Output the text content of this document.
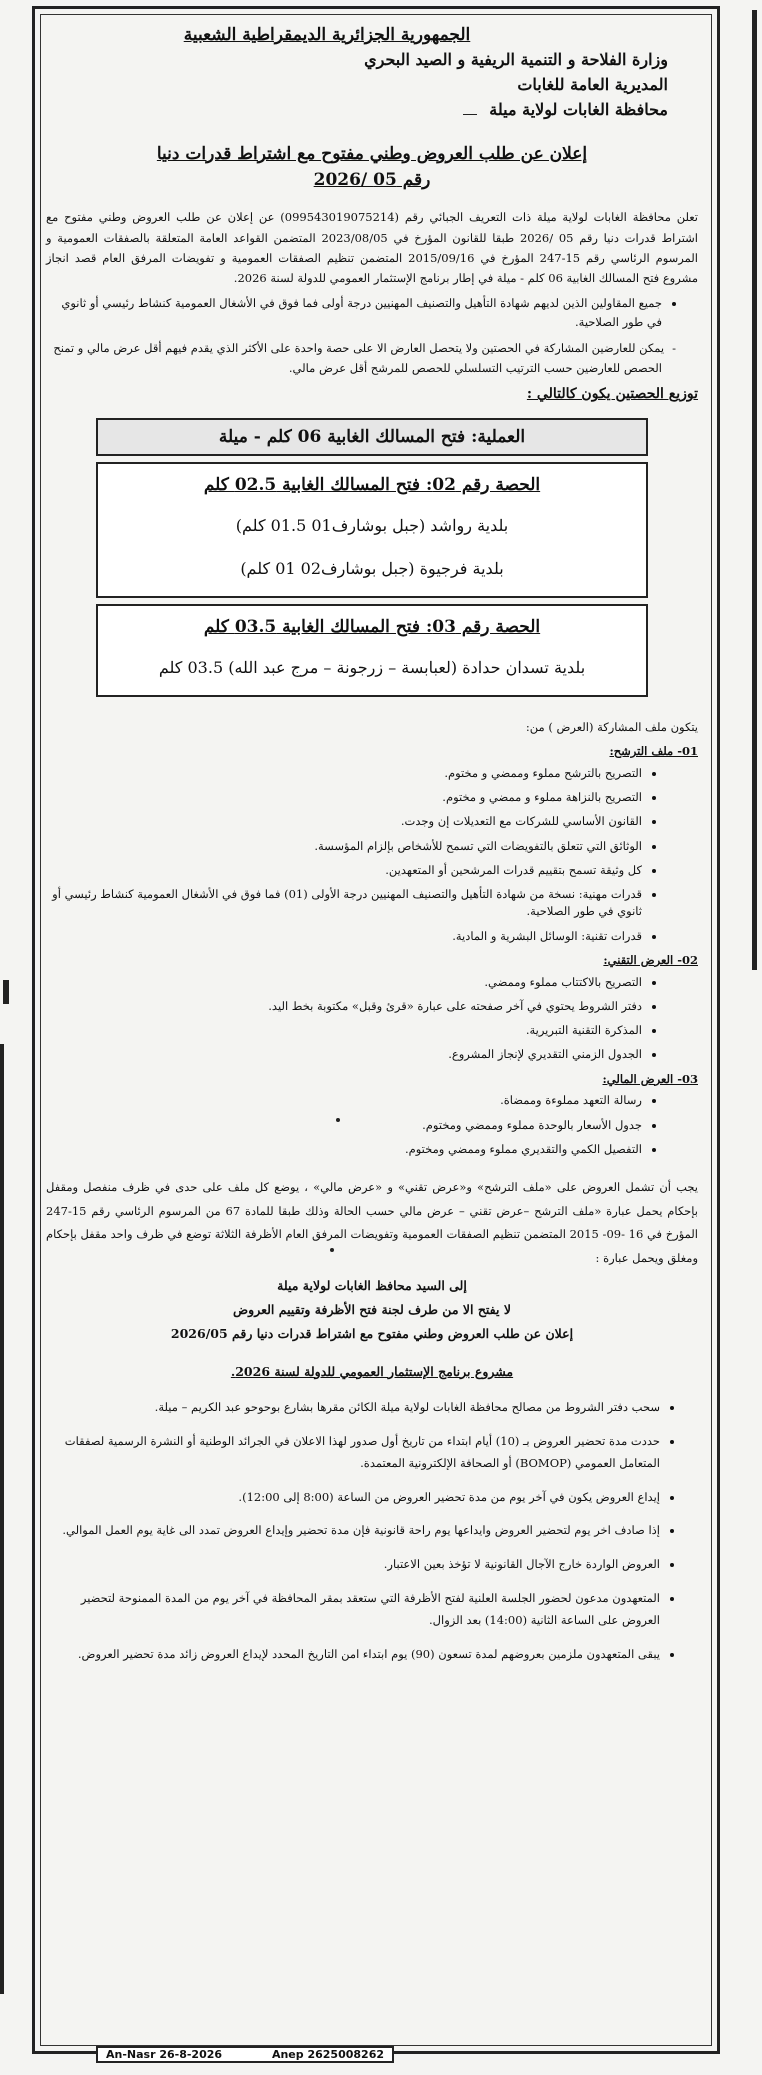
الجمهورية الجزائرية الديمقراطية الشعبية
وزارة الفلاحة و التنمية الريفية و الصيد البحري
المديرية العامة للغابات
محافظة الغابات لولاية ميلة
إعلان عن طلب العروض وطني مفتوح مع اشتراط قدرات دنيا
رقم 05 /2026
تعلن محافظة الغابات لولاية ميلة ذات التعريف الجبائي رقم (099543019075214) عن إعلان عن طلب العروض وطني مفتوح مع اشتراط قدرات دنيا رقم 05 /2026 طبقا للقانون المؤرخ في 2023/08/05 المتضمن القواعد العامة المتعلقة بالصفقات العمومية و المرسوم الرئاسي رقم 15-247 المؤرخ في 2015/09/16 المتضمن تنظيم الصفقات العمومية و تفويضات المرفق العام قصد انجاز مشروع فتح المسالك الغابية 06 كلم - ميلة في إطار برنامج الإستثمار العمومي للدولة لسنة 2026.
• جميع المقاولين الذين لديهم شهادة التأهيل والتصنيف المهنيين درجة أولى فما فوق في الأشغال العمومية كنشاط رئيسي أو ثانوي في طور الصلاحية.
- يمكن للعارضين المشاركة في الحصتين ولا يتحصل العارض الا على حصة واحدة على الأكثر الذي يقدم فيهم أقل عرض مالي و تمنح الحصص للعارضين حسب الترتيب التسلسلي للحصص للمرشح أقل عرض مالي.
توزيع الحصتين يكون كالتالي :
العملية: فتح المسالك الغابية 06 كلم - ميلة
الحصة رقم 02: فتح المسالك الغابية 02.5 كلم
بلدية رواشد (جبل بوشارف01 01.5 كلم)
بلدية فرجيوة (جبل بوشارف02 01 كلم)
الحصة رقم 03: فتح المسالك الغابية 03.5 كلم
بلدية تسدان حدادة (لعبابسة – زرجونة – مرج عبد الله) 03.5 كلم
يتكون ملف المشاركة (العرض ) من:
01- ملف الترشح:
• التصريح بالترشح مملوء وممضي و مختوم.
• التصريح بالنزاهة مملوء و ممضي و مختوم.
• القانون الأساسي للشركات مع التعديلات إن وجدت.
• الوثائق التي تتعلق بالتفويضات التي تسمح للأشخاص بإلزام المؤسسة.
• كل وثيقة تسمح بتقييم قدرات المرشحين أو المتعهدين.
• قدرات مهنية: نسخة من شهادة التأهيل والتصنيف المهنيين درجة الأولى (01) فما فوق في الأشغال العمومية كنشاط رئيسي أو ثانوي في طور الصلاحية.
• قدرات تقنية: الوسائل البشرية و المادية.
02- العرض التقني:
• التصريح بالاكتتاب مملوء وممضي.
• دفتر الشروط يحتوي في آخر صفحته على عبارة «قرئ وقبل» مكتوبة بخط اليد.
• المذكرة التقنية التبريرية.
• الجدول الزمني التقديري لإنجاز المشروع.
03- العرض المالي:
• رسالة التعهد مملوءة وممضاة.
• جدول الأسعار بالوحدة مملوء وممضي ومختوم.
• التفصيل الكمي والتقديري مملوء وممضي ومختوم.
يجب أن تشمل العروض على «ملف الترشح» و«عرض تقني» و «عرض مالي» ، يوضع كل ملف على حدى في ظرف منفصل ومقفل بإحكام يحمل عبارة «ملف الترشح –عرض تقني – عرض مالي حسب الحالة وذلك طبقا للمادة 67 من المرسوم الرئاسي رقم 15-247 المؤرخ في 16 -09- 2015 المتضمن تنظيم الصفقات العمومية وتفويضات المرفق العام الأظرفة الثلاثة توضع في ظرف واحد مقفل بإحكام ومغلق ويحمل عبارة :
إلى السيد محافظ الغابات لولاية ميلة
لا يفتح الا من طرف لجنة فتح الأظرفة وتقييم العروض
إعلان عن طلب العروض وطني مفتوح مع اشتراط قدرات دنيا رقم 2026/05
مشروع برنامج الإستثمار العمومي للدولة لسنة 2026.
• سحب دفتر الشروط من مصالح محافظة الغابات لولاية ميلة الكائن مقرها بشارع بوحوحو عبد الكريم – ميلة.
• حددت مدة تحضير العروض بـ (10) أيام ابتداء من تاريخ أول صدور لهذا الاعلان في الجرائد الوطنية أو النشرة الرسمية لصفقات المتعامل العمومي (BOMOP) أو الصحافة الإلكترونية المعتمدة.
• إيداع العروض يكون في آخر يوم من مدة تحضير العروض من الساعة (8:00 إلى 12:00).
• إذا صادف اخر يوم لتحضير العروض وايداعها يوم راحة قانونية فإن مدة تحضير وإيداع العروض تمدد الى غاية يوم العمل الموالي.
• العروض الواردة خارج الآجال القانونية لا تؤخذ بعين الاعتبار.
• المتعهدون مدعون لحضور الجلسة العلنية لفتح الأظرفة التي ستعقد بمقر المحافظة في آخر يوم من المدة الممنوحة لتحضير العروض على الساعة الثانية (14:00) بعد الزوال.
• يبقى المتعهدون ملزمين بعروضهم لمدة تسعون (90) يوم ابتداء امن التاريخ المحدد لإيداع العروض زائد مدة تحضير العروض.
An-Nasr 26-8-2026	Anep 2625008262
